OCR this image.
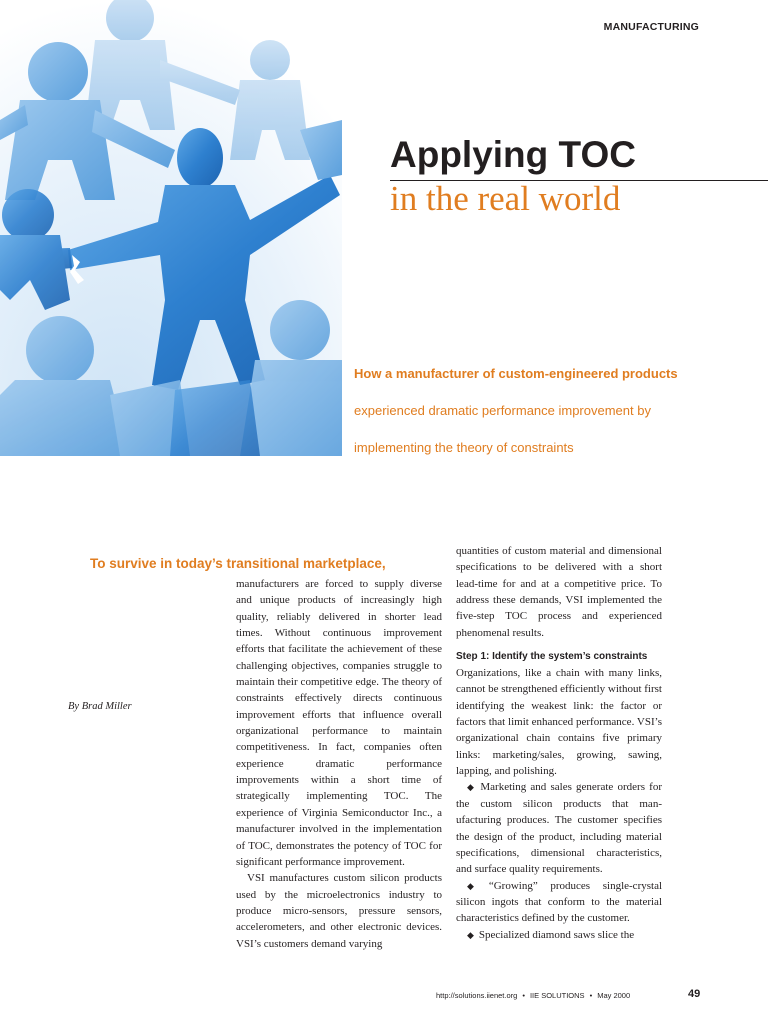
MANUFACTURING
Applying TOC
in the real world
How a manufacturer of custom-engineered products
experienced dramatic performance improvement by
implementing the theory of constraints
To survive in today’s transitional marketplace,
By Brad Miller

manufacturers are forced to supply diverse and unique products of increasingly high quality, reliably delivered in shorter lead times. Without continuous improvement efforts that facilitate the achievement of these challenging objectives, companies struggle to maintain their competitive edge. The theory of constraints effectively directs continuous improvement efforts that influence overall organizational performance to maintain competitiveness. In fact, companies often experience dramatic performance improvements within a short time of strategically implementing TOC. The experience of Virginia Semiconductor Inc., a manufacturer involved in the implementation of TOC, demonstrates the potency of TOC for significant performance improvement.

VSI manufactures custom silicon products used by the microelectronics industry to produce micro-sensors, pressure sensors, accelerometers, and other electronic devices. VSI’s customers demand varying

quantities of custom material and dimensional specifications to be delivered with a short lead-time for and at a competitive price. To address these demands, VSI implemented the five-step TOC process and experienced phenomenal results.

Step 1: Identify the system’s constraints

Organizations, like a chain with many links, cannot be strengthened efficiently without first identifying the weakest link: the factor or factors that limit enhanced performance. VSI’s organizational chain contains five primary links: marketing/sales, growing, sawing, lapping, and polishing.

◆ Marketing and sales generate orders for the custom silicon products that manufacturing produces. The customer specifies the design of the product, including material specifications, dimensional characteristics, and surface quality requirements.

◆ “Growing” produces single-crystal silicon ingots that conform to the material characteristics defined by the customer.

◆ Specialized diamond saws slice the

http://solutions.iienet.org • IIE SOLUTIONS • May 2000	49
